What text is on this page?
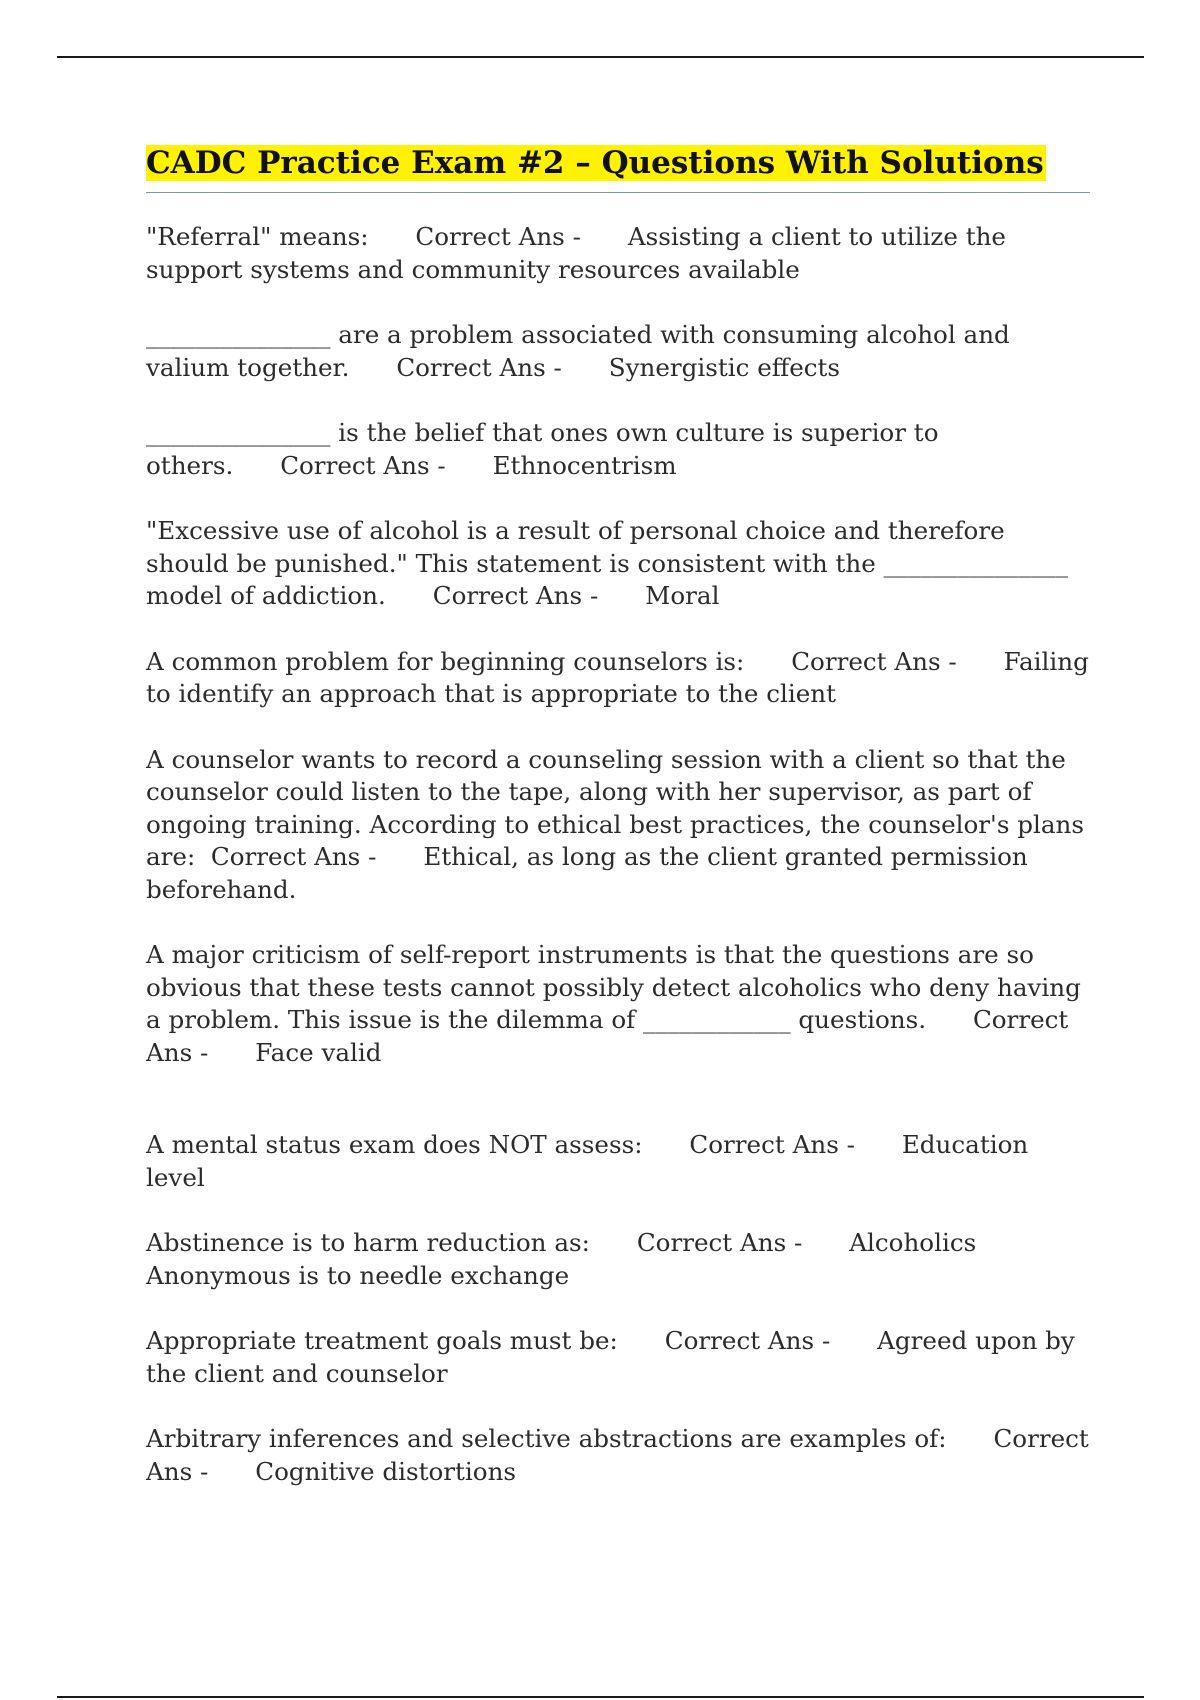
CADC Practice Exam #2 – Questions With Solutions
"Referral" means: Correct Ans - Assisting a client to utilize the support systems and community resources available
_______________ are a problem associated with consuming alcohol and valium together. Correct Ans - Synergistic effects
_______________ is the belief that ones own culture is superior to others. Correct Ans - Ethnocentrism
"Excessive use of alcohol is a result of personal choice and therefore should be punished." This statement is consistent with the _______________ model of addiction. Correct Ans - Moral
A common problem for beginning counselors is: Correct Ans - Failing to identify an approach that is appropriate to the client
A counselor wants to record a counseling session with a client so that the counselor could listen to the tape, along with her supervisor, as part of ongoing training. According to ethical best practices, the counselor's plans are: Correct Ans - Ethical, as long as the client granted permission beforehand.
A major criticism of self-report instruments is that the questions are so obvious that these tests cannot possibly detect alcoholics who deny having a problem. This issue is the dilemma of ____________ questions. Correct Ans - Face valid
A mental status exam does NOT assess: Correct Ans - Education level
Abstinence is to harm reduction as: Correct Ans - Alcoholics Anonymous is to needle exchange
Appropriate treatment goals must be: Correct Ans - Agreed upon by the client and counselor
Arbitrary inferences and selective abstractions are examples of: Correct Ans - Cognitive distortions
